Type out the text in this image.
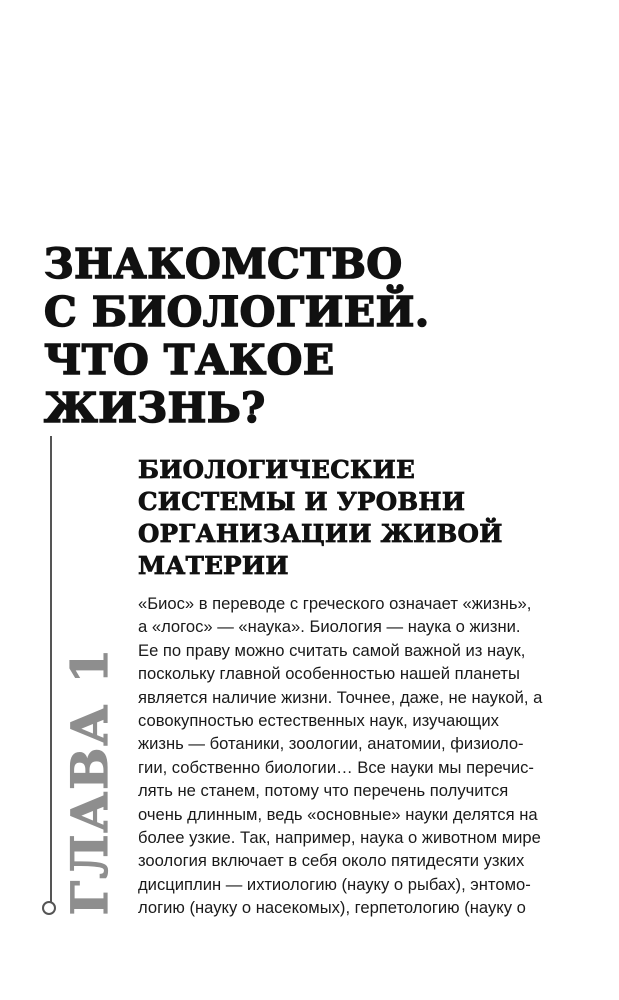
ЗНАКОМСТВО
С БИОЛОГИЕЙ.
ЧТО ТАКОЕ
ЖИЗНЬ?
ГЛАВА 1
БИОЛОГИЧЕСКИЕ
СИСТЕМЫ И УРОВНИ
ОРГАНИЗАЦИИ ЖИВОЙ
МАТЕРИИ
«Биос» в переводе с греческого означает «жизнь»,
а «логос» — «наука». Биология — наука о жизни.
Ее по праву можно считать самой важной из наук,
поскольку главной особенностью нашей планеты
является наличие жизни. Точнее, даже, не наукой, а
совокупностью естественных наук, изучающих
жизнь — ботаники, зоологии, анатомии, физиоло-
гии, собственно биологии… Все науки мы перечис-
лять не станем, потому что перечень получится
очень длинным, ведь «основные» науки делятся на
более узкие. Так, например, наука о животном мире
зоология включает в себя около пятидесяти узких
дисциплин — ихтиологию (науку о рыбах), энтомо-
логию (науку о насекомых), герпетологию (науку о
